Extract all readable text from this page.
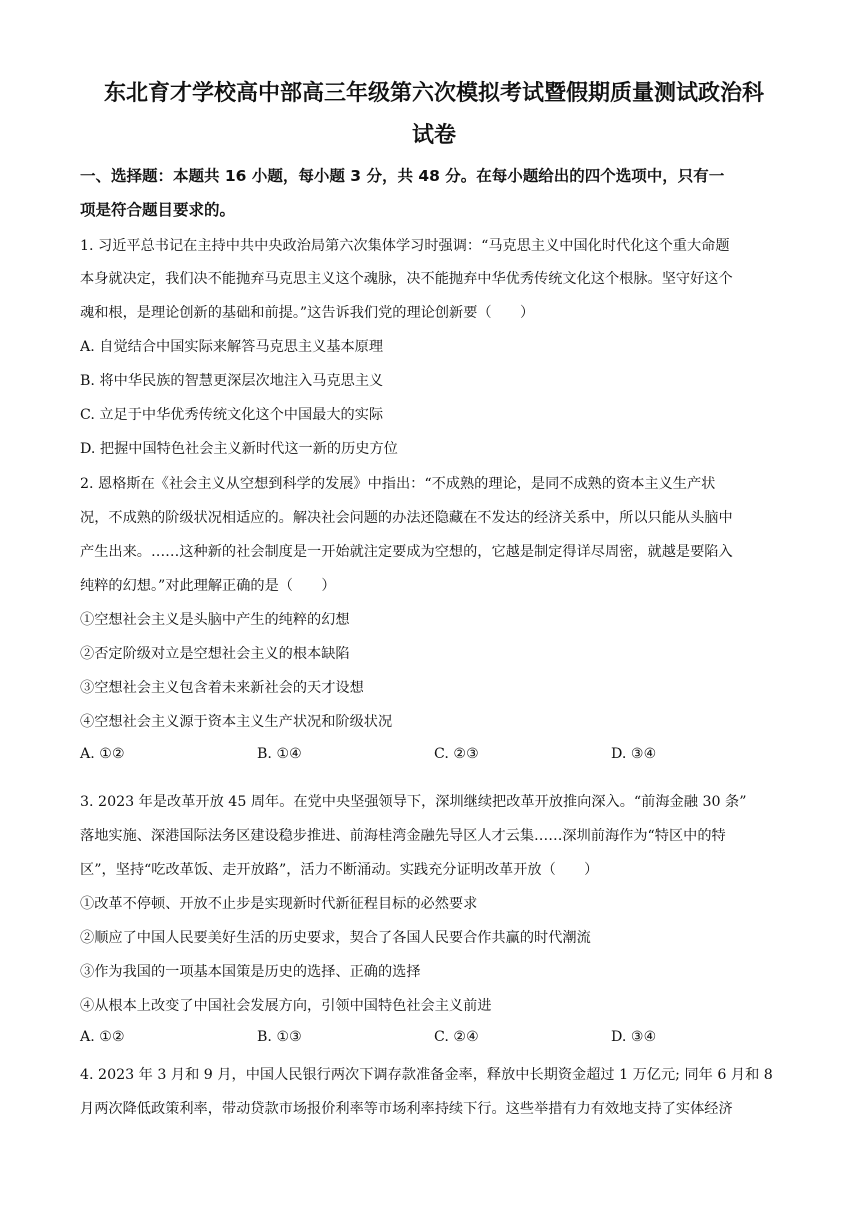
东北育才学校高中部高三年级第六次模拟考试暨假期质量测试政治科
试卷
一、选择题：本题共 16 小题，每小题 3 分，共 48 分。在每小题给出的四个选项中，只有一
项是符合题目要求的。
1. 习近平总书记在主持中共中央政治局第六次集体学习时强调：“马克思主义中国化时代化这个重大命题
本身就决定，我们决不能抛弃马克思主义这个魂脉，决不能抛弃中华优秀传统文化这个根脉。坚守好这个
魂和根，是理论创新的基础和前提。”这告诉我们党的理论创新要（　　）
A. 自觉结合中国实际来解答马克思主义基本原理
B. 将中华民族的智慧更深层次地注入马克思主义
C. 立足于中华优秀传统文化这个中国最大的实际
D. 把握中国特色社会主义新时代这一新的历史方位
2. 恩格斯在《社会主义从空想到科学的发展》中指出：“不成熟的理论，是同不成熟的资本主义生产状
况，不成熟的阶级状况相适应的。解决社会问题的办法还隐藏在不发达的经济关系中，所以只能从头脑中
产生出来。……这种新的社会制度是一开始就注定要成为空想的，它越是制定得详尽周密，就越是要陷入
纯粹的幻想。”对此理解正确的是（　　）
①空想社会主义是头脑中产生的纯粹的幻想
②否定阶级对立是空想社会主义的根本缺陷
③空想社会主义包含着未来新社会的天才设想
④空想社会主义源于资本主义生产状况和阶级状况
A. ①②	B. ①④	C. ②③	D. ③④
3. 2023 年是改革开放 45 周年。在党中央坚强领导下，深圳继续把改革开放推向深入。“前海金融 30 条”
落地实施、深港国际法务区建设稳步推进、前海桂湾金融先导区人才云集……深圳前海作为“特区中的特
区”，坚持“吃改革饭、走开放路”，活力不断涌动。实践充分证明改革开放（　　）
①改革不停顿、开放不止步是实现新时代新征程目标的必然要求
②顺应了中国人民要美好生活的历史要求，契合了各国人民要合作共赢的时代潮流
③作为我国的一项基本国策是历史的选择、正确的选择
④从根本上改变了中国社会发展方向，引领中国特色社会主义前进
A. ①②	B. ①③	C. ②④	D. ③④
4. 2023 年 3 月和 9 月，中国人民银行两次下调存款准备金率，释放中长期资金超过 1 万亿元; 同年 6 月和 8
月两次降低政策利率，带动贷款市场报价利率等市场利率持续下行。这些举措有力有效地支持了实体经济
